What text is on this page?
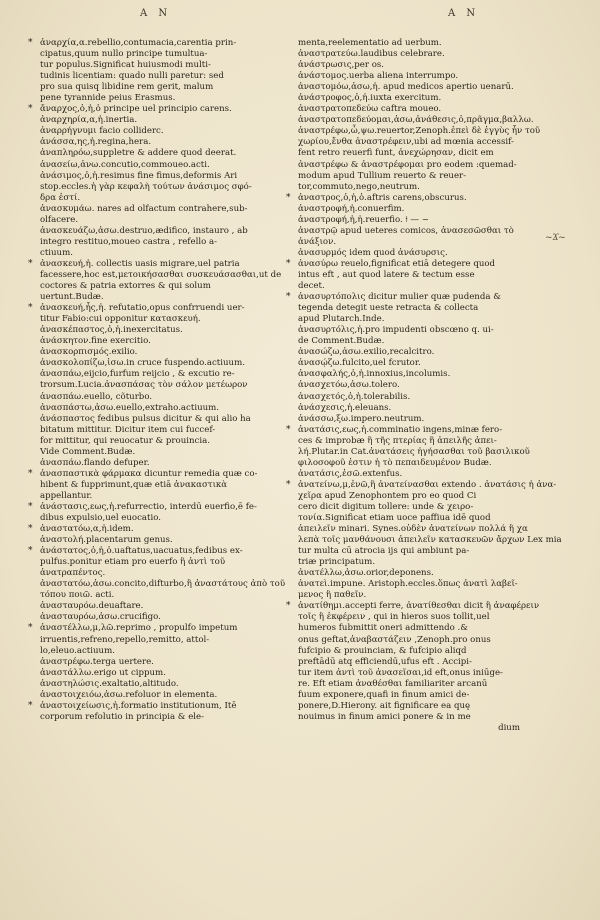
A N	A N
~Ϫ~
* ἀναρχία,α.rebellio,contumacia,carentia prin-
cipatus,quum nullo principe tumultua-
tur populus.Significat huiusmodi multi-
tudinis licentiam: quado nulli paretur: sed
pro sua quisq libidine rem gerit, malum
pene tyrannide peius Erasmus.
* ἄναρχος,ὁ,ἡ,ὁ principe uel principio carens.
ἀναρχηρία,α,ἡ.inertia.
ἀναρρήγνυμι facio colliderc.
ἀνάσσα,ης,ἡ.regina,hera.
ἀναπληρόω,suppletre & addere quod deerat.
ἀνασείω,ἀνω.concutio,commoueo.acti.
ἀνάσιμος,ὁ,ἡ.resimus fine fimus,deformis Ari
stop.eccles.ἡ γὰρ κεφαλὴ τούτων ἀνάσιμος σφό-
δρα ἐστί.
ἀνασκυμάω. nares ad olfactum contrahere,sub-
olfacere.
ἀνασκευάζω,ἀσω.destruo,ædifico, instauro , ab
integro restituo,moueo castra , refello a-
ctiuum.
* ἀνασκευή,ἡ. collectis uasis migrare,uel patria
facessere,hoc est,μετοικήσασθαι συσκευάσασθαι,ut de
coctores & patria extorres & qui solum
uertunt.Budæ.
* ἀνασκευή,ἧς,ἡ. refutatio,opus confrruendi uer-
titur Fabio:cui opponitur κατασκευή.
ἀνασκέπαστος,ὁ,ἡ.inexercitatus.
ἀνάσκητον.fine exercitio.
ἀνασκορπισμός.exilio.
ἀνασκολοπίζω,ἰσω.in cruce fuspendo.actiuum.
ἀνασπάω,eijcio,furfum reijcio , & excutio re-
trorsum.Lucia.ἀνασπάσας τὸν σάλον μετέωρον
ἀνασπάω.euello, cõturbo.
ἀνασπάστω,ἀσω.euello,extraho.actiuum.
ἀνάσπαστος fedibus pulsus dicitur & qui alio ha
bitatum mittitur. Dicitur item cui fuccef-
for mittitur, qui reuocatur & prouincia.
Vide Comment.Budæ.
ἀνασπάω.flando defuper.
* ἀνασπαστικὰ φάρμακα dicuntur remedia quæ co-
hibent & fupprimunt,quæ etiā ἀνακαστικὰ
appellantur.
* ἀνάστασις,εως,ἡ.refurrectio, interdū euerfio,ē fe-
dibus expulsio,uel euocatio.
* ἀναστατόω,α,ἡ.idem.
ἀναστολή.placentarum genus.
* ἀνάστατος,ὁ,ἡ,ὁ.uaftatus,uacuatus,fedibus ex-
pulfus.ponitur etiam pro euerfo ἢ ἀντὶ τοῦ
ἀνατραπέντος.
ἀναστατόω,ἀσω.concito,difturbo,ἢ ἀναστάτους ἀπὸ τοῦ
τόπου ποιῶ. acti.
ἀνασταυρόω.deuaftare.
ἀνασταυρόω,ἀσω.crucifigo.
* ἀναστέλλω,μ,λῶ.reprimo , propulfo impetum
irruentis,refreno,repello,remitto, attol-
lo,eleuo.actiuum.
ἀναστρέφω.terga uertere.
ἀναστάλλω.erigo ut cippum.
ἀναστηλώσις.exaltatio,altitudo.
ἀναστοιχειόω,ἀσω.refoluor in elementa.
* ἀναστοιχείωσις,ἡ.formatio institutionum, Itē
corporum refolutio in principia & ele-
menta,reelementatio ad uerbum.
ἀναστρατεύω.laudibus celebrare.
ἀνάστρωσις,per os.
ἀνάστομος.uerba aliena interrumpo.
ἀναστομόω,ἀσω,ἡ. apud medicos apertio uenarū.
ἀνάστροφος,ὁ,ἡ.iuxta exercitum.
ἀναστρατοπεδεύω caftra moueo.
ἀναστρατοπεδεύομαι,ἀσω,ἀνάθεσις,ὁ,πρᾶγμα,βαλλω.
ἀναστρέφω,ὦ,ψω.reuertor,Zenoph.ἐπεὶ δὲ ἐγγὺς ἦν τοῦ
χωρίου,ἔνθα ἀναστρέφειν,ubi ad mœnia accessif-
fent retro reuerfi funt, ἀνεχώρησαν, dicit em
ἀναστρέφω & ἀναστρέφομαι pro eodem :quemad-
modum apud Tullium reuerto & reuer-
tor,commuto,nego,neutrum.
* ἀναστρος,ὁ,ἡ,ὁ.aftris carens,obscurus.
ἀναστροφή,ἡ.conuerfim.
ἀναστροφή,ἡ,ἡ.reuerfio. ⟊ — ~
ἀναστρῷ apud ueteres comicos, ἀνασεσῶσθαι τὸ
ἀνάξιον.
ἀνασυρμός idem quod ἀνάσυρσις.
* ἀνασύρω reuelo,fignificat etiā detegere quod
intus eft , aut quod latere & tectum esse
decet.
* ἀνασυρτόπολις dicitur mulier quæ pudenda &
tegenda detegit ueste retracta & collecta
apud Plutarch.Inde.
ἀνασυρτόλις,ἡ.pro impudenti obscœno q. ui-
de Comment.Budæ.
ἀνασώζω,ἀσω.exilio,recalcitro.
ἀνασῴζω.fulcito,uel fcrutor.
ἀνασφαλής,ὁ,ἡ.innoxius,incolumis.
ἀνασχετόω,ἀσω.tolero.
ἀνασχετός,ὁ,ἡ.tolerabilis.
ἀνάσχεσις,ἡ.eleuans.
ἀνάσσω,ξω.impero.neutrum.
* ἀνατάσις,εως,ἡ.comminatio ingens,minæ fero-
ces & improbæ ἢ τῆς πτερίας ἢ ἀπειλῆς ἀπει-
λή.Plutar.in Cat.ἀνατάσεις ἡγήσασθαι τοῦ βασιλικοῦ
φιλοσοφοῦ ἐστιν ἡ τὸ πεπαιδευμένον Budæ.
ἀνατάσις,ἐσῶ.extenfus.
* ἀνατείνω,μ,ἐνῶ,ἢ ἀνατείνασθαι extendo . ἀνατάσις ἡ ἀνα-
χεῖρα apud Zenophontem pro eo quod Ci
cero dicit digitum tollere: unde & χειρο-
τονία.Significat etiam uoce paffiua idē quod
ἀπειλεῖν minari. Synes.οὐδὲν ἀνατείνων πολλά ἢ χα
λεπὰ τοῖς μανθάνουσι ἀπειλεῖν κατασκευῶν ἄρχων Lex mia
tur multa cū atrocia ijs qui ambiunt pa-
triæ principatum.
ἀνατέλλω,ἀσω.orior,deponens.
ἀνατεὶ.impune. Aristoph.eccles.ὅπως ἀνατὶ λαβεῖ-
μενος ἢ παθεῖν.
* ἀνατίθημι.accepti ferre, ἀνατίθεσθαι dicit ἢ ἀναφέρειν
τοῖς ἢ ἐκφέρειν , qui in hieros suos tollit,uel
humeros fubmittit oneri admittendo .&
onus geftat,ἀναβαστάζειν ,Zenoph.pro onus
fufcipio & prouinciam, & fufcipio aliqd
preftādū atq efficiendū,ufus eft . Accipi-
tur item ἀντὶ τοῦ ἀνασεῖσαι,id eft,onus iniūge-
re. Eft etiam ἀναθέσθαι familiariter arcanū
fuum exponere,quafi in finum amici de-
ponere,D.Hierony. ait fignificare ea quę
nouimus in finum amici ponere & in me
dium
